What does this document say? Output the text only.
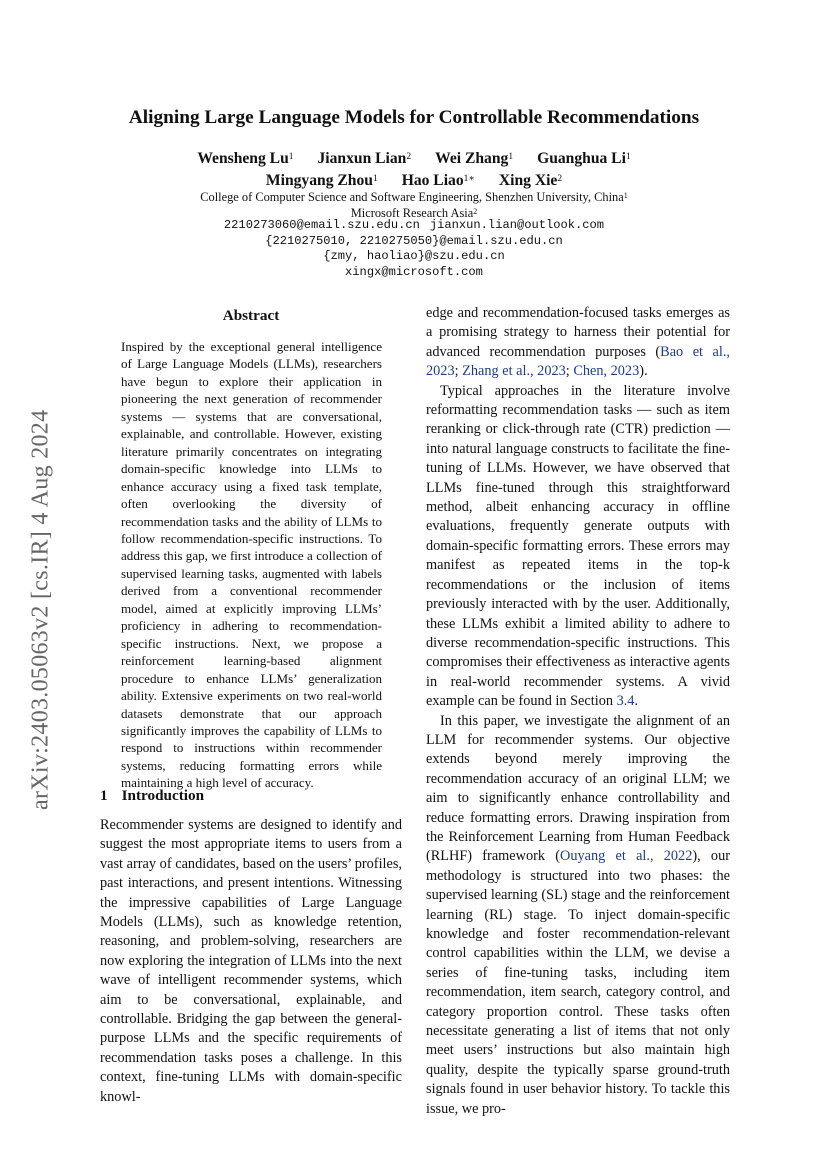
arXiv:2403.05063v2 [cs.IR] 4 Aug 2024
Aligning Large Language Models for Controllable Recommendations
Wensheng Lu$^1$ Jianxun Lian$^2$ Wei Zhang$^1$ Guanghua Li$^1$
Mingyang Zhou$^1$ Hao Liao$^{1∗}$ Xing Xie$^2$
College of Computer Science and Software Engineering, Shenzhen University, China$^1$
Microsoft Research Asia$^2$
2210273060@email.szu.edu.cn jianxun.lian@outlook.com
{2210275010, 2210275050}@email.szu.edu.cn
{zmy, haoliao}@szu.edu.cn
xingx@microsoft.com
Abstract
Inspired by the exceptional general intelligence of Large Language Models (LLMs), researchers have begun to explore their application in pioneering the next generation of recommender systems — systems that are conversational, explainable, and controllable. However, existing literature primarily concentrates on integrating domain-specific knowledge into LLMs to enhance accuracy using a fixed task template, often overlooking the diversity of recommendation tasks and the ability of LLMs to follow recommendation-specific instructions. To address this gap, we first introduce a collection of supervised learning tasks, augmented with labels derived from a conventional recommender model, aimed at explicitly improving LLMs’ proficiency in adhering to recommendation-specific instructions. Next, we propose a reinforcement learning-based alignment procedure to enhance LLMs’ generalization ability. Extensive experiments on two real-world datasets demonstrate that our approach significantly improves the capability of LLMs to respond to instructions within recommender systems, reducing formatting errors while maintaining a high level of accuracy.
1 Introduction

Recommender systems are designed to identify and suggest the most appropriate items to users from a vast array of candidates, based on the users’ profiles, past interactions, and present intentions. Witnessing the impressive capabilities of Large Language Models (LLMs), such as knowledge retention, reasoning, and problem-solving, researchers are now exploring the integration of LLMs into the next wave of intelligent recommender systems, which aim to be conversational, explainable, and controllable. Bridging the gap between the general-purpose LLMs and the specific requirements of recommendation tasks poses a challenge. In this context, fine-tuning LLMs with domain-specific knowl-

edge and recommendation-focused tasks emerges as a promising strategy to harness their potential for advanced recommendation purposes (Bao et al., 2023; Zhang et al., 2023; Chen, 2023).

Typical approaches in the literature involve reformatting recommendation tasks — such as item reranking or click-through rate (CTR) prediction — into natural language constructs to facilitate the fine-tuning of LLMs. However, we have observed that LLMs fine-tuned through this straightforward method, albeit enhancing accuracy in offline evaluations, frequently generate outputs with domain-specific formatting errors. These errors may manifest as repeated items in the top-k recommendations or the inclusion of items previously interacted with by the user. Additionally, these LLMs exhibit a limited ability to adhere to diverse recommendation-specific instructions. This compromises their effectiveness as interactive agents in real-world recommender systems. A vivid example can be found in Section 3.4.

In this paper, we investigate the alignment of an LLM for recommender systems. Our objective extends beyond merely improving the recommendation accuracy of an original LLM; we aim to significantly enhance controllability and reduce formatting errors. Drawing inspiration from the Reinforcement Learning from Human Feedback (RLHF) framework (Ouyang et al., 2022), our methodology is structured into two phases: the supervised learning (SL) stage and the reinforcement learning (RL) stage. To inject domain-specific knowledge and foster recommendation-relevant control capabilities within the LLM, we devise a series of fine-tuning tasks, including item recommendation, item search, category control, and category proportion control. These tasks often necessitate generating a list of items that not only meet users’ instructions but also maintain high quality, despite the typically sparse ground-truth signals found in user behavior history. To tackle this issue, we pro-
